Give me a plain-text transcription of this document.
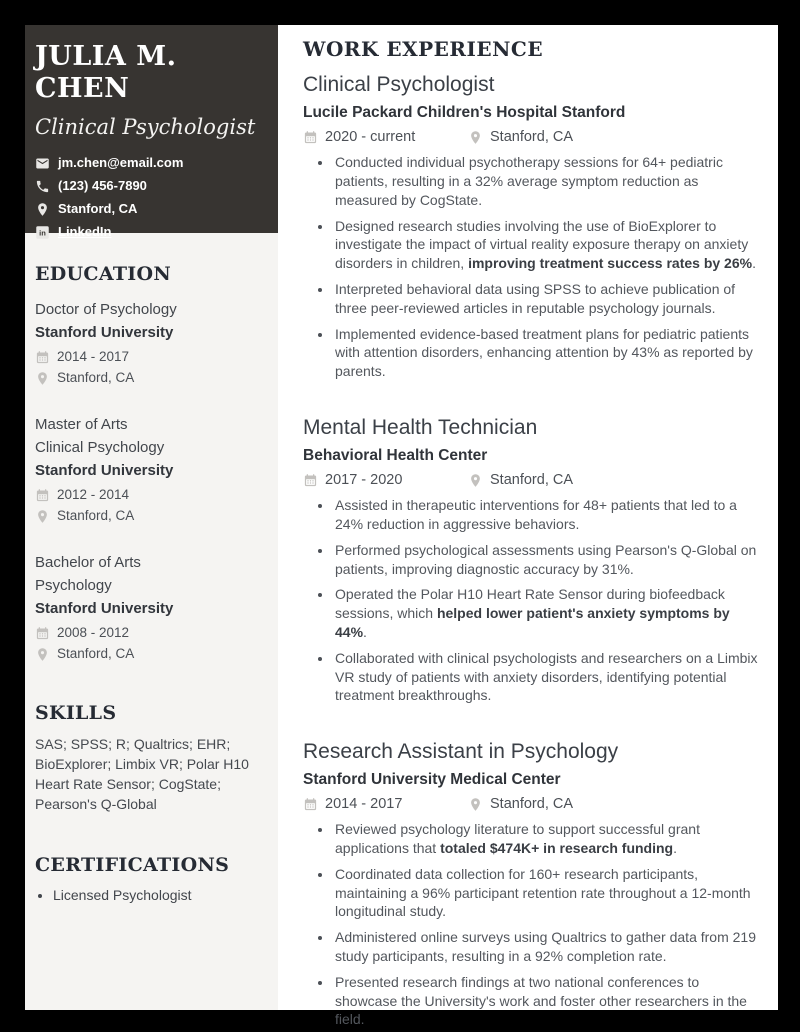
JULIA M. CHEN
Clinical Psychologist
jm.chen@email.com
(123) 456-7890
Stanford, CA
in LinkedIn
EDUCATION
Doctor of Psychology
Stanford University
2014 - 2017
Stanford, CA
Master of Arts
Clinical Psychology
Stanford University
2012 - 2014
Stanford, CA
Bachelor of Arts
Psychology
Stanford University
2008 - 2012
Stanford, CA
SKILLS

SAS; SPSS; R; Qualtrics; EHR; BioExplorer; Limbix VR; Polar H10 Heart Rate Sensor; CogState; Pearson's Q-Global

CERTIFICATIONS
• Licensed Psychologist
WORK EXPERIENCE
Clinical Psychologist
Lucile Packard Children's Hospital Stanford
2020 - current	Stanford, CA
• Conducted individual psychotherapy sessions for 64+ pediatric patients, resulting in a 32% average symptom reduction as measured by CogState.
• Designed research studies involving the use of BioExplorer to investigate the impact of virtual reality exposure therapy on anxiety disorders in children, improving treatment success rates by 26%.
• Interpreted behavioral data using SPSS to achieve publication of three peer-reviewed articles in reputable psychology journals.
• Implemented evidence-based treatment plans for pediatric patients with attention disorders, enhancing attention by 43% as reported by parents.
Mental Health Technician
Behavioral Health Center
2017 - 2020	Stanford, CA
• Assisted in therapeutic interventions for 48+ patients that led to a 24% reduction in aggressive behaviors.
• Performed psychological assessments using Pearson's Q-Global on patients, improving diagnostic accuracy by 31%.
• Operated the Polar H10 Heart Rate Sensor during biofeedback sessions, which helped lower patient's anxiety symptoms by 44%.
• Collaborated with clinical psychologists and researchers on a Limbix VR study of patients with anxiety disorders, identifying potential treatment breakthroughs.
Research Assistant in Psychology
Stanford University Medical Center
2014 - 2017	Stanford, CA
• Reviewed psychology literature to support successful grant applications that totaled $474K+ in research funding.
• Coordinated data collection for 160+ research participants, maintaining a 96% participant retention rate throughout a 12-month longitudinal study.
• Administered online surveys using Qualtrics to gather data from 219 study participants, resulting in a 92% completion rate.
• Presented research findings at two national conferences to showcase the University's work and foster other researchers in the field.
